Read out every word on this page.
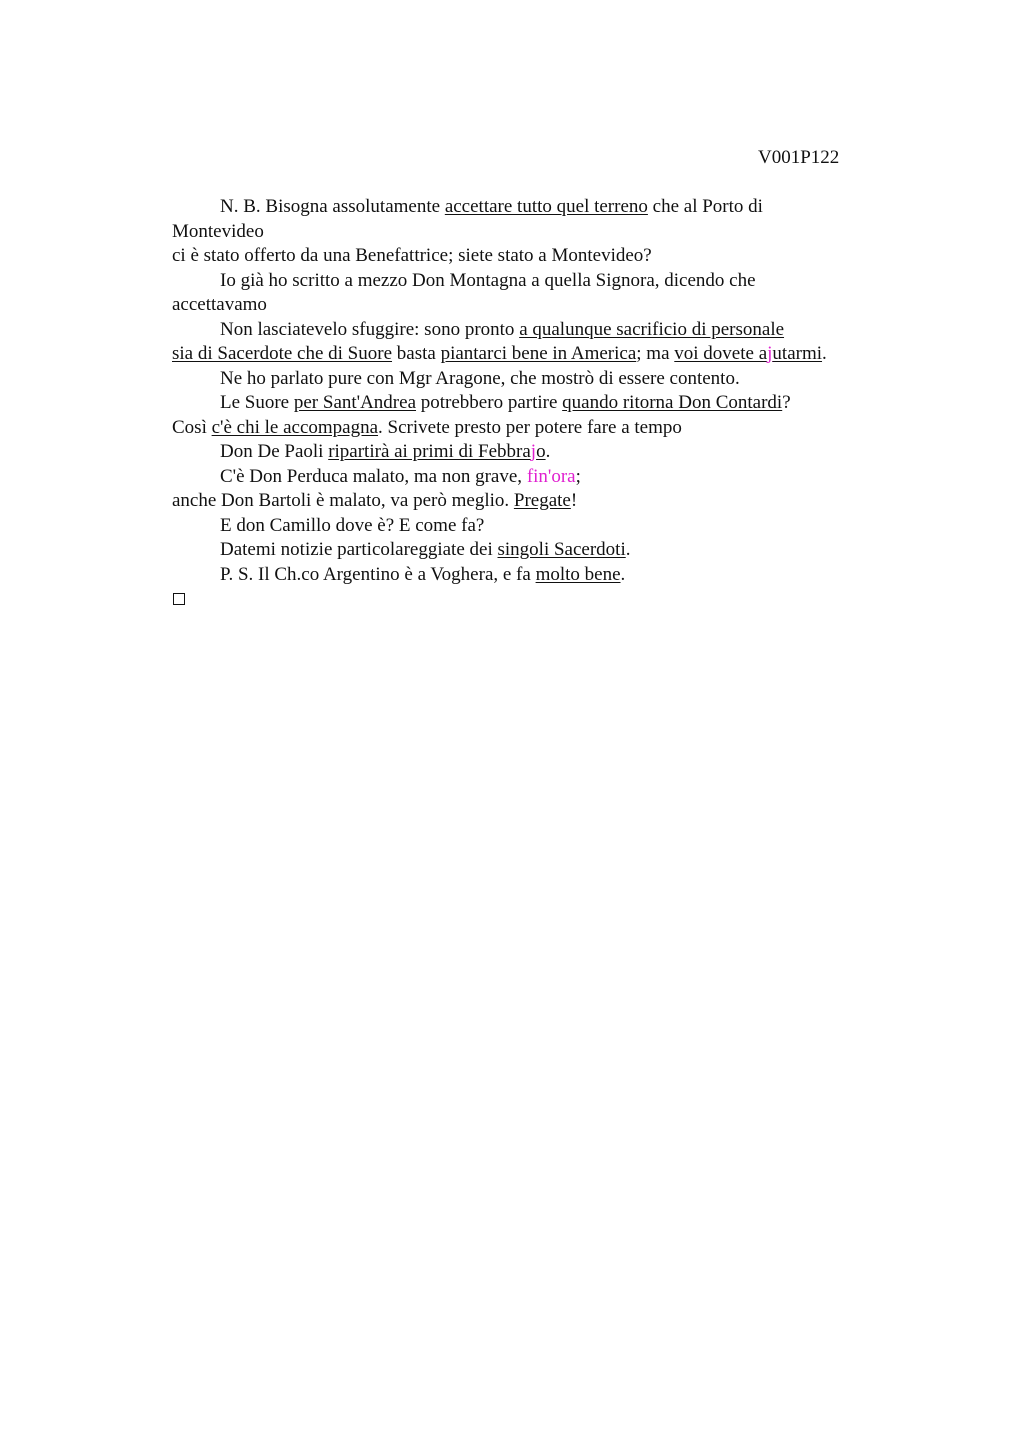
V001P122
N. B. Bisogna assolutamente accettare tutto quel terreno che al Porto di
Montevideo
ci è stato offerto da una Benefattrice; siete stato a Montevideo?
Io già ho scritto a mezzo Don Montagna a quella Signora, dicendo che
accettavamo
Non lasciatevelo sfuggire: sono pronto a qualunque sacrificio di personale
sia di Sacerdote che di Suore basta piantarci bene in America; ma voi dovete ajutarmi.
Ne ho parlato pure con Mgr Aragone, che mostrò di essere contento.
Le Suore per Sant'Andrea potrebbero partire quando ritorna Don Contardi?
Così c'è chi le accompagna. Scrivete presto per potere fare a tempo
Don De Paoli ripartirà ai primi di Febbrajo.
C'è Don Perduca malato, ma non grave, fin'ora;
anche Don Bartoli è malato, va però meglio. Pregate!
E don Camillo dove è? E come fa?
Datemi notizie particolareggiate dei singoli Sacerdoti.
P. S. Il Ch.co Argentino è a Voghera, e fa molto bene.
